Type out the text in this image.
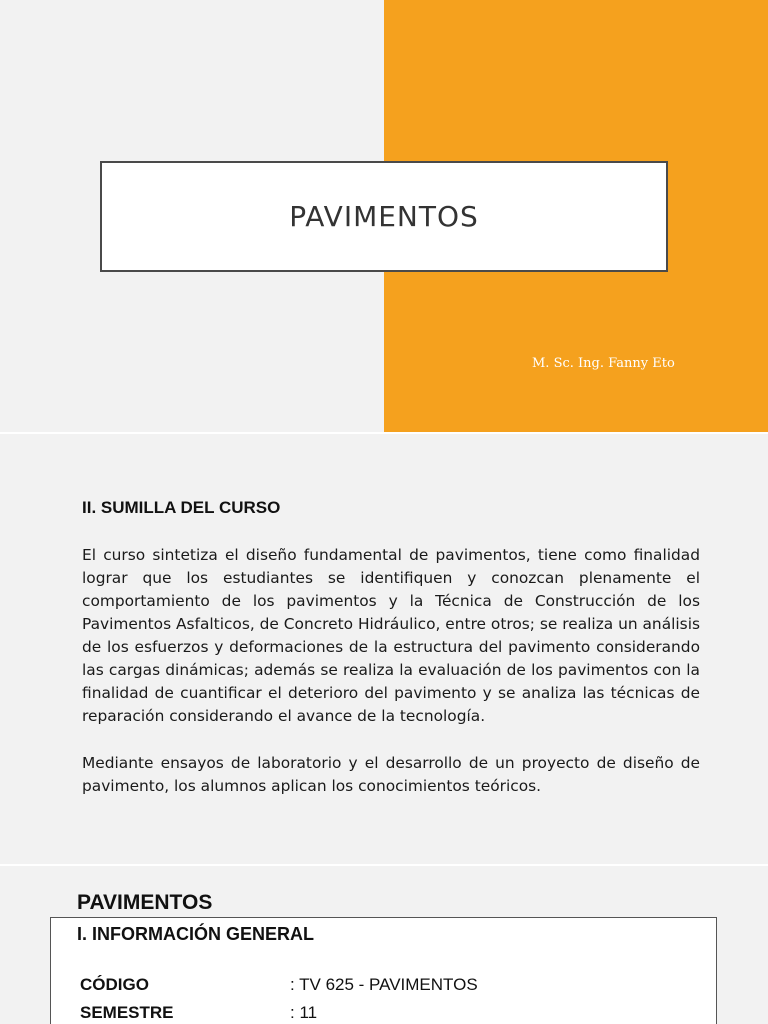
PAVIMENTOS
M. Sc. Ing. Fanny Eto
II. SUMILLA DEL CURSO

El curso sintetiza el diseño fundamental de pavimentos, tiene como finalidad lograr que los estudiantes se identifiquen y conozcan plenamente el comportamiento de los pavimentos y la Técnica de Construcción de los Pavimentos Asfalticos, de Concreto Hidráulico, entre otros; se realiza un análisis de los esfuerzos y deformaciones de la estructura del pavimento considerando las cargas dinámicas; además se realiza la evaluación de los pavimentos con la finalidad de cuantificar el deterioro del pavimento y se analiza las técnicas de reparación considerando el avance de la tecnología.

Mediante ensayos de laboratorio y el desarrollo de un proyecto de diseño de pavimento, los alumnos aplican los conocimientos teóricos.

PAVIMENTOS
I. INFORMACIÓN GENERAL
CÓDIGO	: TV 625 - PAVIMENTOS
SEMESTRE	: 11
